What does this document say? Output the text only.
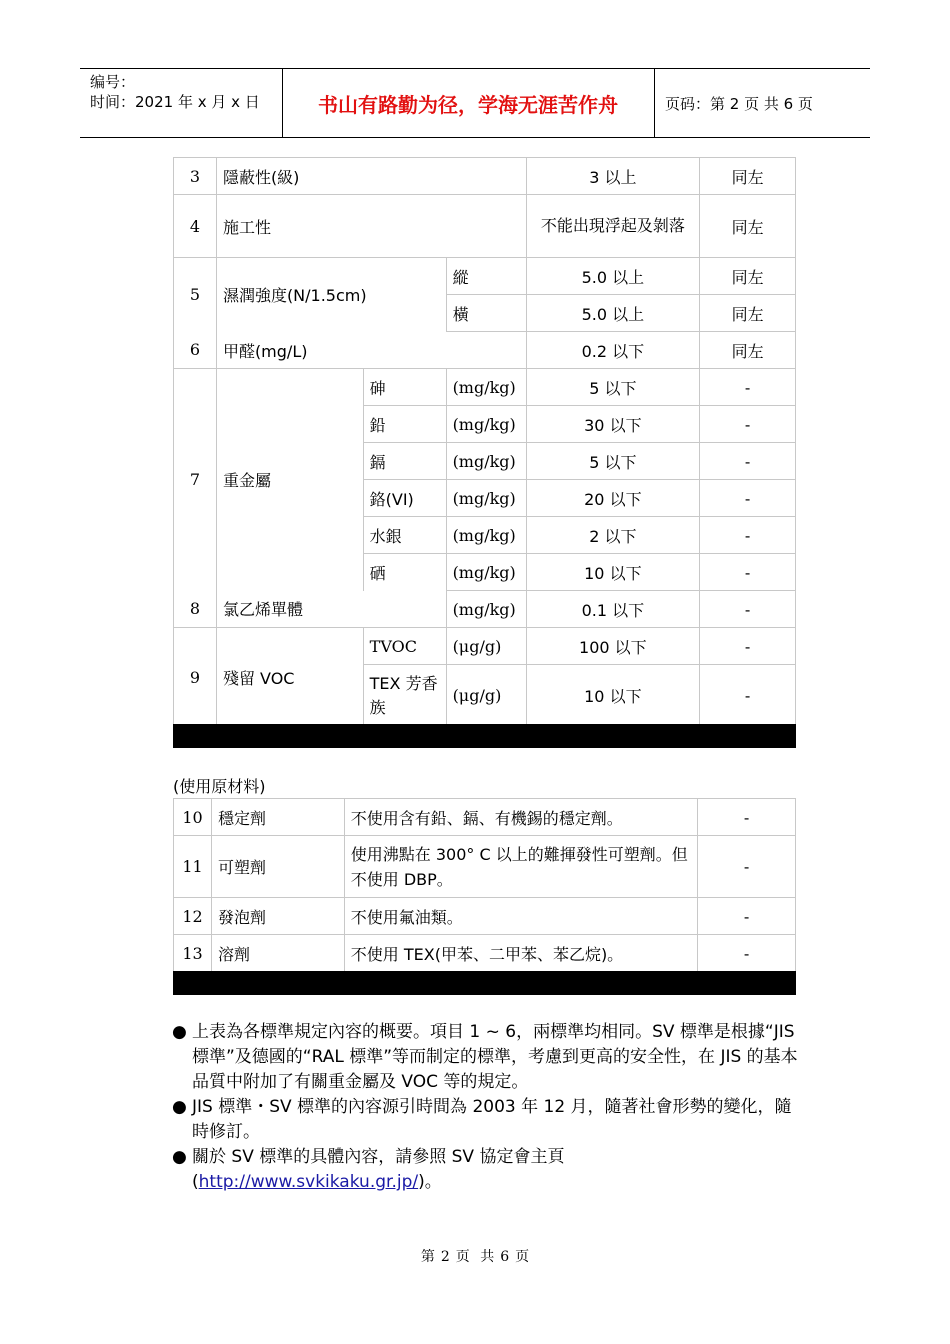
编号：
时间：2021 年 x 月 x 日	书山有路勤为径，学海无涯苦作舟	页码：第 2 页 共 6 页
3	隱蔽性(級)			3 以上	同左
4	施工性			不能出現浮起及剝落	同左
5	濕潤強度(N/1.5cm)		縱	5.0 以上	同左
			橫	5.0 以上	同左
6	甲醛(mg/L)			0.2 以下	同左
7	重金屬	砷	(mg/kg)	5 以下	-
		鉛	(mg/kg)	30 以下	-
		鎘	(mg/kg)	5 以下	-
		鉻(VI)	(mg/kg)	20 以下	-
		水銀	(mg/kg)	2 以下	-
		硒	(mg/kg)	10 以下	-
8	氯乙烯單體		(mg/kg)	0.1 以下	-
9	殘留 VOC	TVOC	(μg/g)	100 以下	-
		TEX 芳香族	(μg/g)	10 以下	-
(使用原材料)
10	穩定劑	不使用含有鉛、鎘、有機錫的穩定劑。	-
11	可塑劑	使用沸點在 300° C 以上的難揮發性可塑劑。但不使用 DBP。	-
12	發泡劑	不使用氟油類。	-
13	溶劑	不使用 TEX(甲苯、二甲苯、苯乙烷)。	-
● 上表為各標準規定內容的概要。項目 1 ~ 6，兩標準均相同。SV 標準是根據“JIS 標準”及德國的“RAL 標準”等而制定的標準，考慮到更高的安全性，在 JIS 的基本品質中附加了有關重金屬及 VOC 等的規定。
● JIS 標準・SV 標準的內容源引時間為 2003 年 12 月，隨著社會形勢的變化，隨時修訂。
● 關於 SV 標準的具體內容，請參照 SV 協定會主頁(http://www.svkikaku.gr.jp/)。
第 2 页 共 6 页
